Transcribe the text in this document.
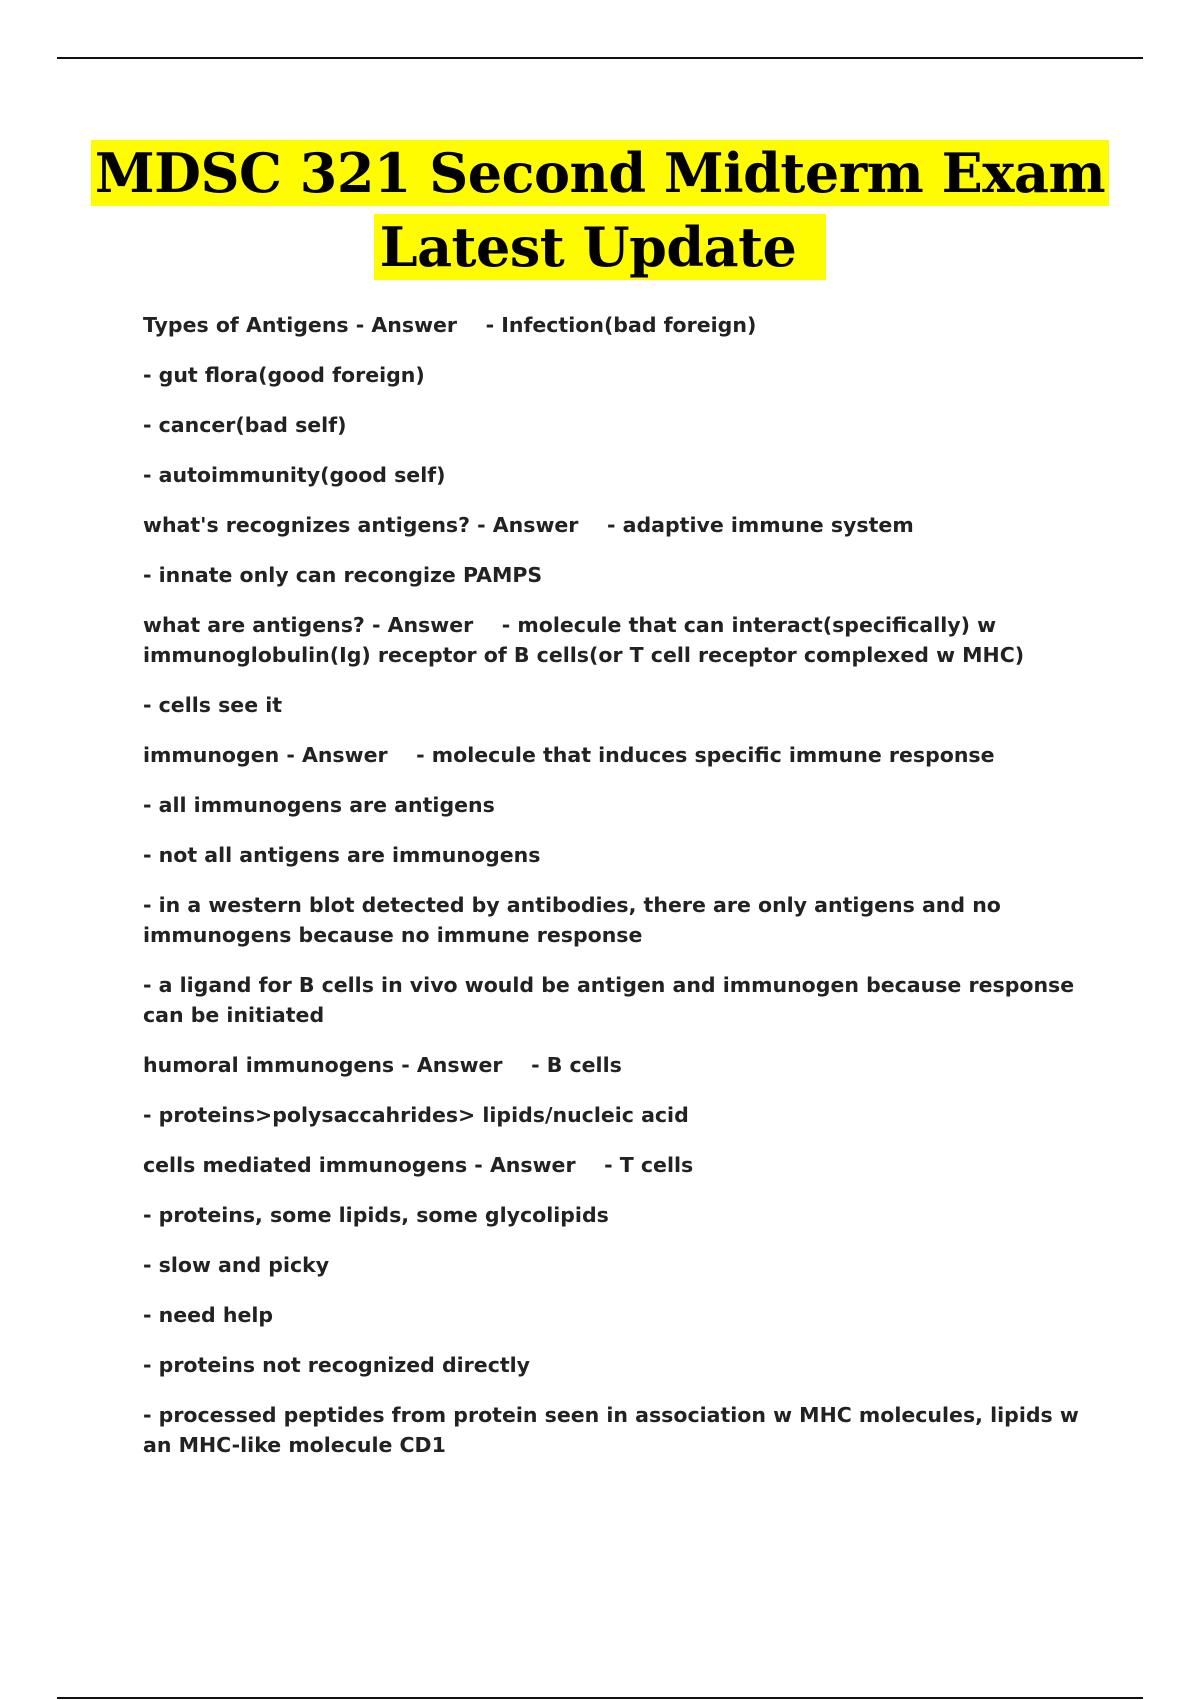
MDSC 321 Second Midterm Exam
Latest Update

Types of Antigens - Answer - Infection(bad foreign)

- gut flora(good foreign)

- cancer(bad self)

- autoimmunity(good self)

what's recognizes antigens? - Answer - adaptive immune system

- innate only can recongize PAMPS

what are antigens? - Answer - molecule that can interact(specifically) w immunoglobulin(Ig) receptor of B cells(or T cell receptor complexed w MHC)

- cells see it

immunogen - Answer - molecule that induces specific immune response

- all immunogens are antigens

- not all antigens are immunogens

- in a western blot detected by antibodies, there are only antigens and no immunogens because no immune response

- a ligand for B cells in vivo would be antigen and immunogen because response can be initiated

humoral immunogens - Answer - B cells

- proteins>polysaccahrides> lipids/nucleic acid

cells mediated immunogens - Answer - T cells

- proteins, some lipids, some glycolipids

- slow and picky

- need help

- proteins not recognized directly

- processed peptides from protein seen in association w MHC molecules, lipids w an MHC-like molecule CD1
